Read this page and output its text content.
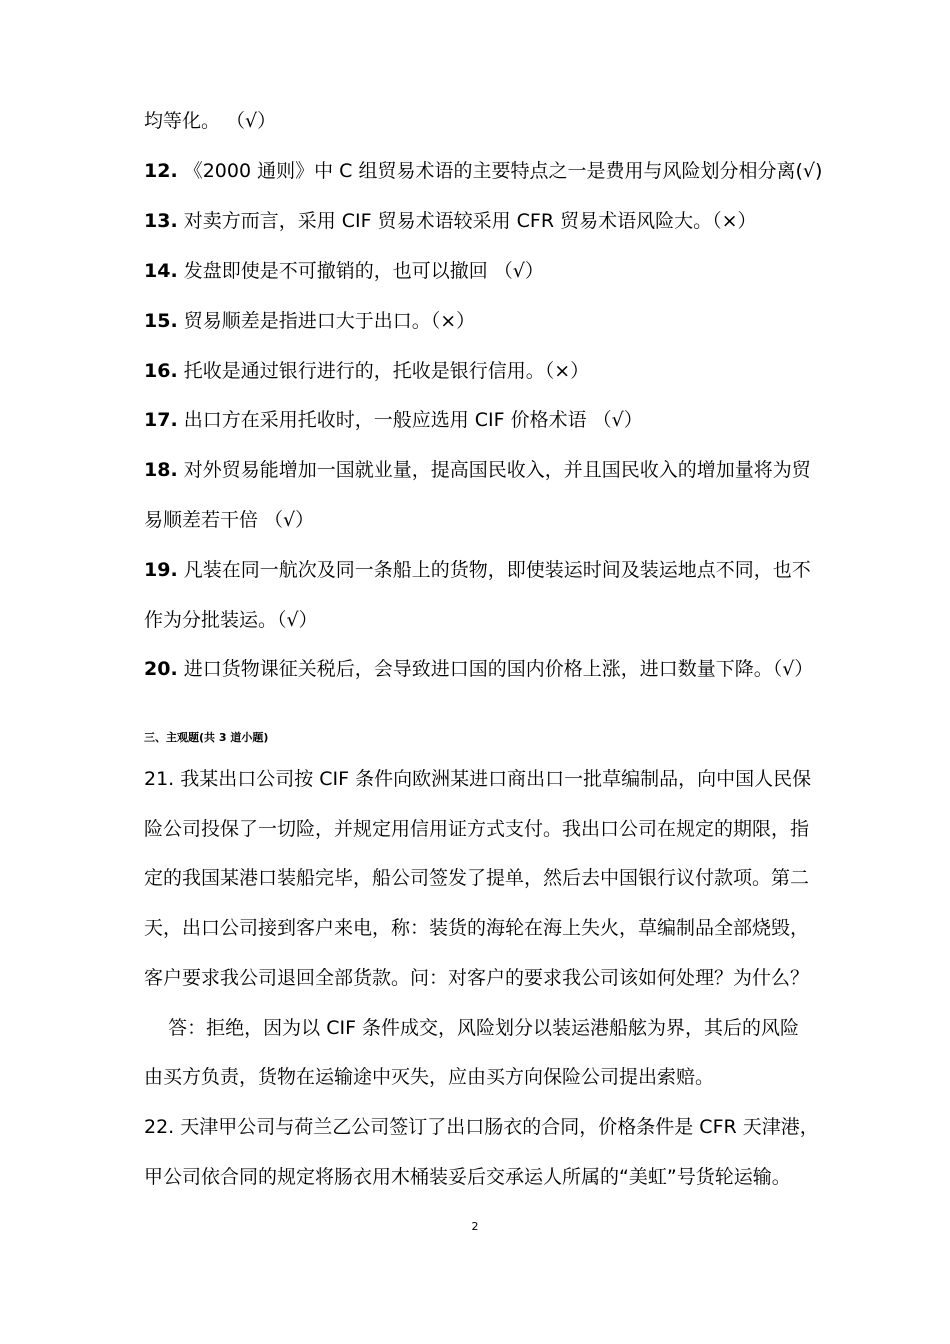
均等化。 （√）
12. 《2000 通则》中 C 组贸易术语的主要特点之一是费用与风险划分相分离(√)
13. 对卖方而言，采用 CIF 贸易术语较采用 CFR 贸易术语风险大。（×）
14. 发盘即使是不可撤销的，也可以撤回 （√）
15. 贸易顺差是指进口大于出口。（×）
16. 托收是通过银行进行的，托收是银行信用。（×）
17. 出口方在采用托收时，一般应选用 CIF 价格术语 （√）
18. 对外贸易能增加一国就业量，提高国民收入，并且国民收入的增加量将为贸
易顺差若干倍 （√）
19. 凡装在同一航次及同一条船上的货物，即使装运时间及装运地点不同，也不
作为分批装运。（√）
20. 进口货物课征关税后，会导致进口国的国内价格上涨，进口数量下降。（√）
三、主观题(共 3 道小题)
21. 我某出口公司按 CIF 条件向欧洲某进口商出口一批草编制品，向中国人民保
险公司投保了一切险，并规定用信用证方式支付。我出口公司在规定的期限，指
定的我国某港口装船完毕，船公司签发了提单，然后去中国银行议付款项。第二
天，出口公司接到客户来电，称：装货的海轮在海上失火，草编制品全部烧毁，
客户要求我公司退回全部货款。问：对客户的要求我公司该如何处理？为什么？
答：拒绝，因为以 CIF 条件成交，风险划分以装运港船舷为界，其后的风险
由买方负责，货物在运输途中灭失，应由买方向保险公司提出索赔。
22. 天津甲公司与荷兰乙公司签订了出口肠衣的合同，价格条件是 CFR 天津港，
甲公司依合同的规定将肠衣用木桶装妥后交承运人所属的“美虹”号货轮运输。
2
